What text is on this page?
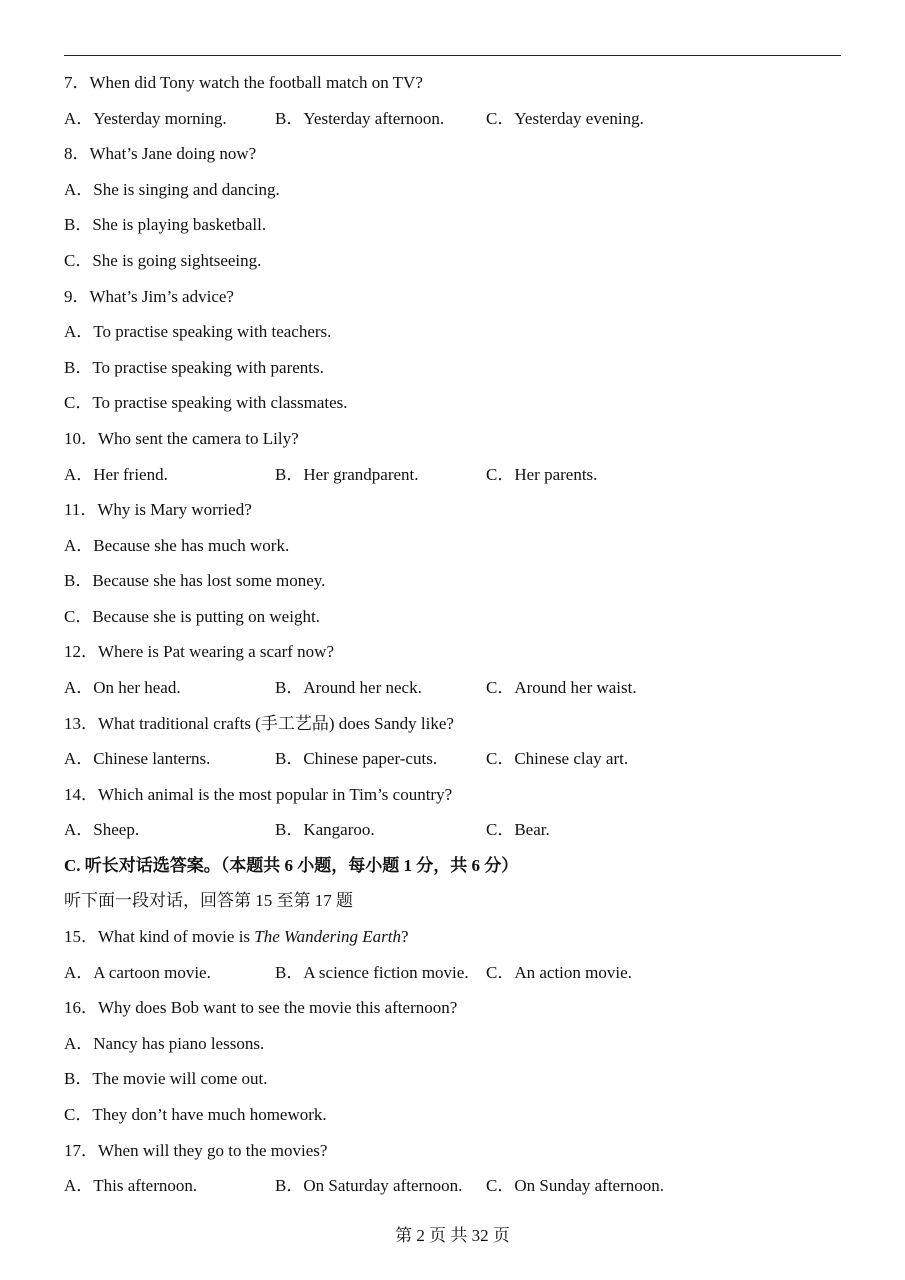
7．When did Tony watch the football match on TV?
A．Yesterday morning.	B．Yesterday afternoon. C．Yesterday evening.
8．What’s Jane doing now?
A．She is singing and dancing.
B．She is playing basketball.
C．She is going sightseeing.
9．What’s Jim’s advice?
A．To practise speaking with teachers.
B．To practise speaking with parents.
C．To practise speaking with classmates.
10．Who sent the camera to Lily?
A．Her friend.	B．Her grandparent.	C．Her parents.
11．Why is Mary worried?
A．Because she has much work.
B．Because she has lost some money.
C．Because she is putting on weight.
12．Where is Pat wearing a scarf now?
A．On her head.	B．Around her neck.	C．Around her waist.
13．What traditional crafts (手工艺品) does Sandy like?
A．Chinese lanterns.	B．Chinese paper-cuts.	C．Chinese clay art.
14．Which animal is the most popular in Tim’s country?
A．Sheep.	B．Kangaroo.	C．Bear.
C. 听长对话选答案。（本题共 6 小题，每小题 1 分，共 6 分）
听下面一段对话，回答第 15 至第 17 题
15．What kind of movie is The Wandering Earth?
A．A cartoon movie.	B．A science fiction movie. C．An action movie.
16．Why does Bob want to see the movie this afternoon?
A．Nancy has piano lessons.
B．The movie will come out.
C．They don’t have much homework.
17．When will they go to the movies?
A．This afternoon.	B．On Saturday afternoon. C．On Sunday afternoon.
第 2 页 共 32 页
